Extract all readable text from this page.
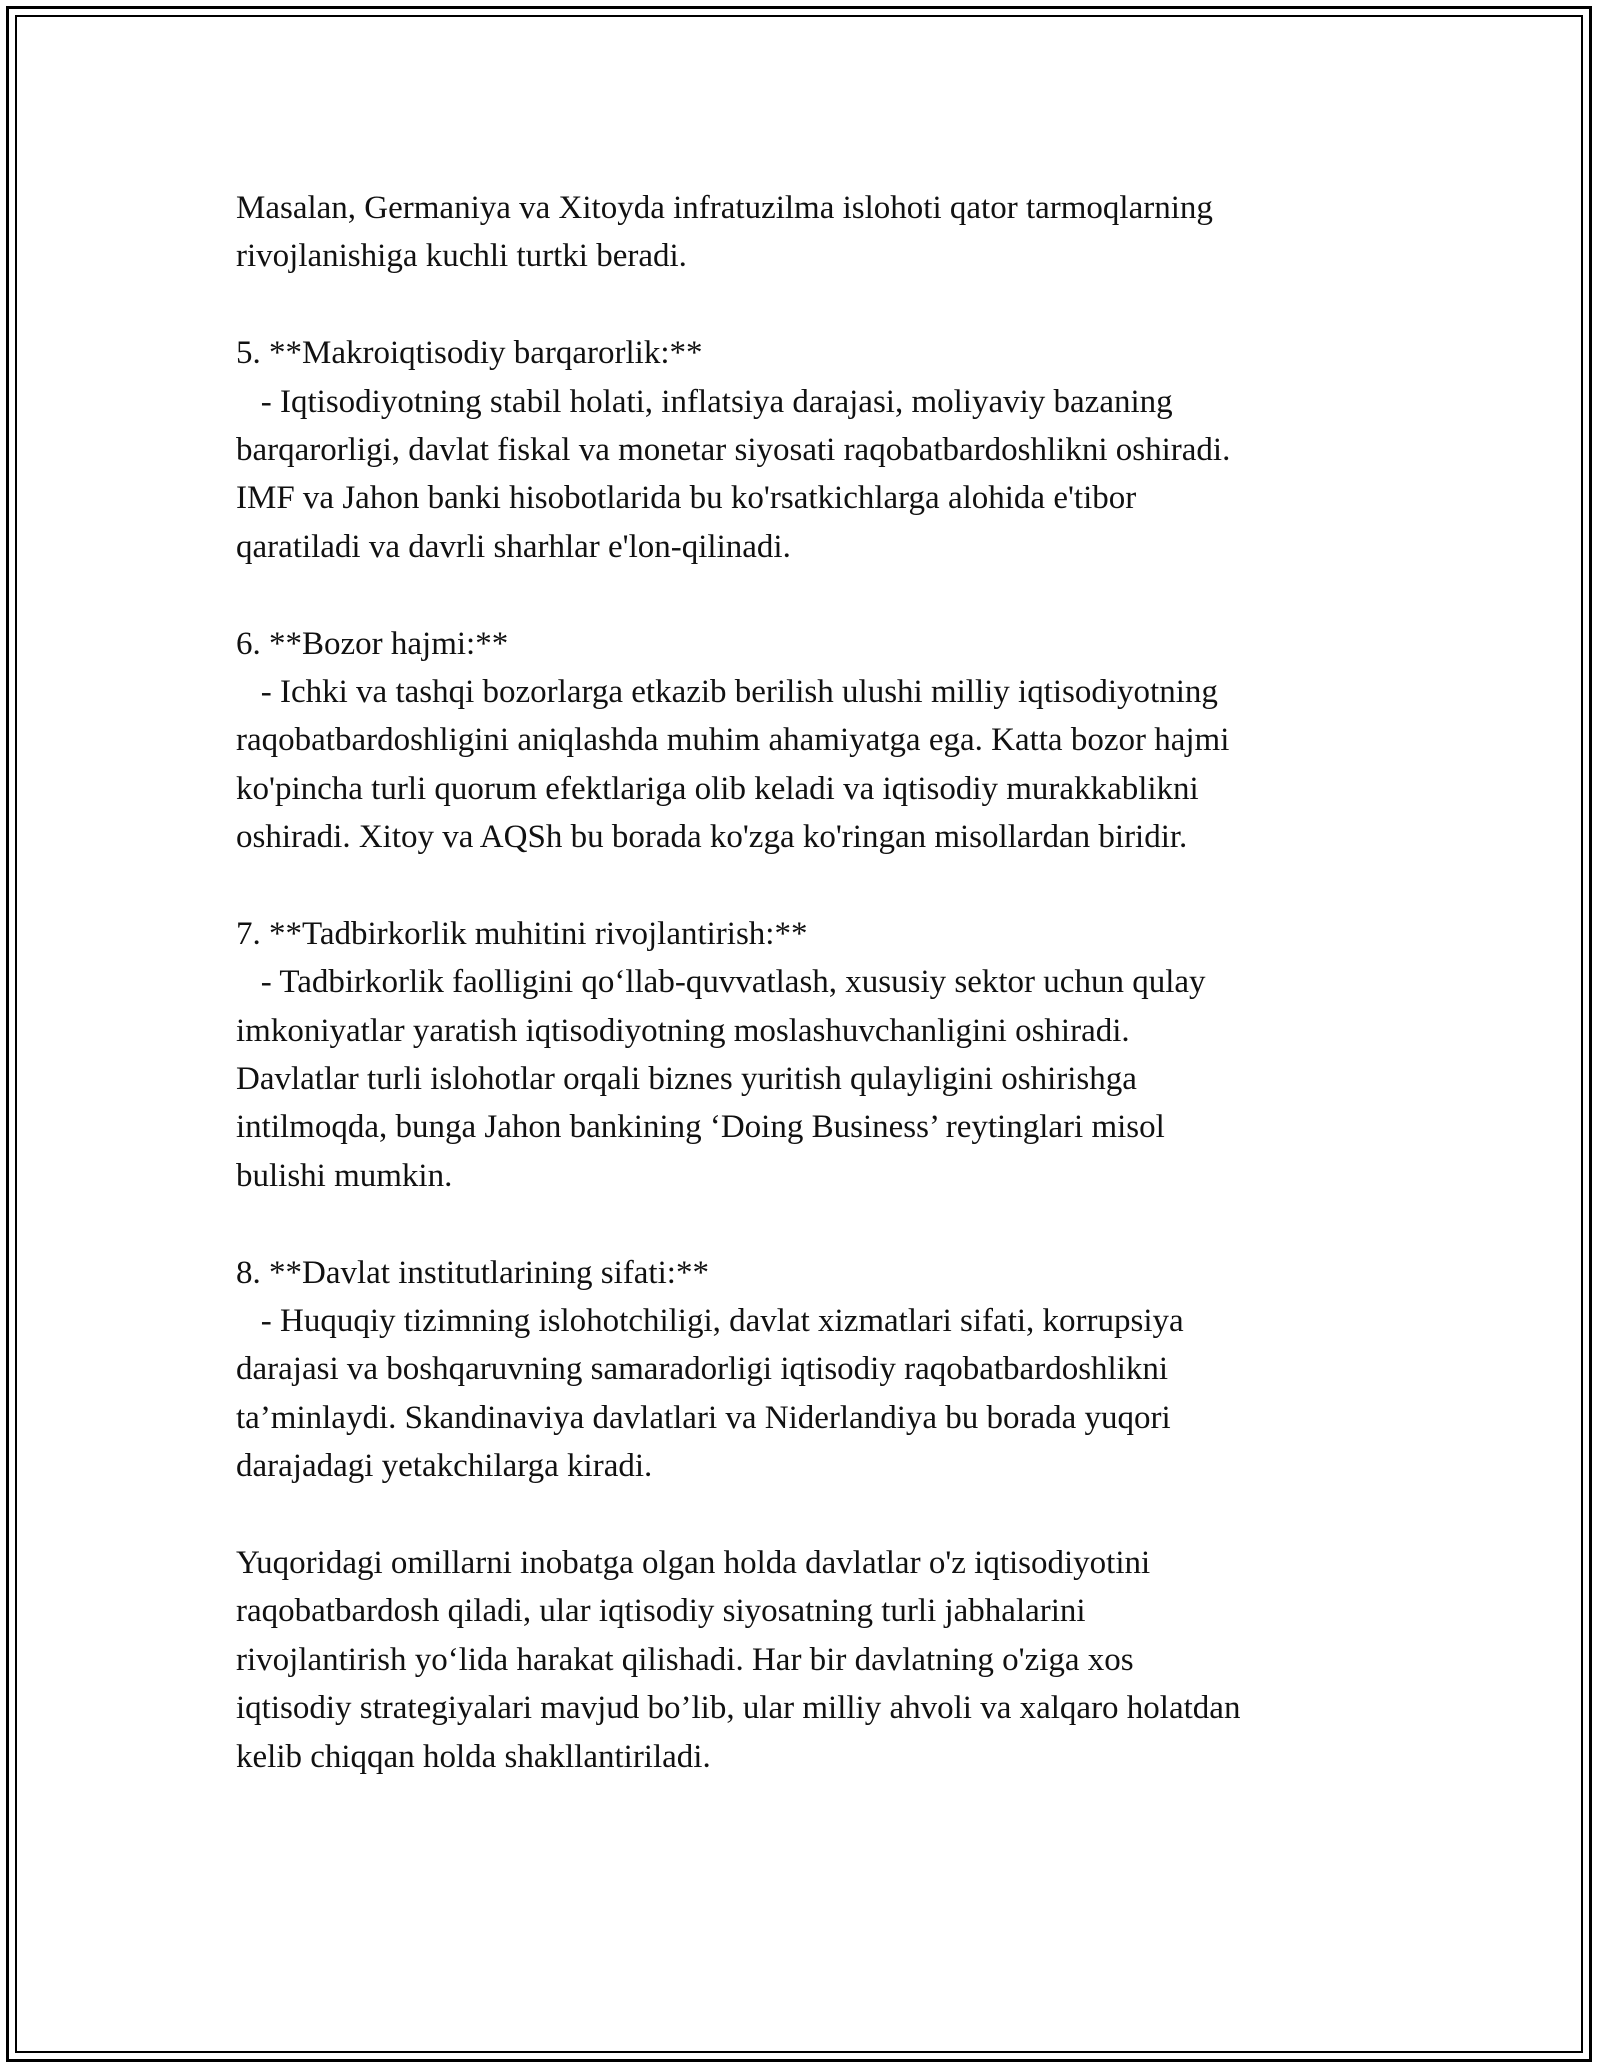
Masalan, Germaniya va Xitoyda infratuzilma islohoti qator tarmoqlarning
rivojlanishiga kuchli turtki beradi.
5. **Makroiqtisodiy barqarorlik:**
- Iqtisodiyotning stabil holati, inflatsiya darajasi, moliyaviy bazaning
barqarorligi, davlat fiskal va monetar siyosati raqobatbardoshlikni oshiradi.
IMF va Jahon banki hisobotlarida bu ko'rsatkichlarga alohida e'tibor
qaratiladi va davrli sharhlar e'lon-qilinadi.
6. **Bozor hajmi:**
- Ichki va tashqi bozorlarga etkazib berilish ulushi milliy iqtisodiyotning
raqobatbardoshligini aniqlashda muhim ahamiyatga ega. Katta bozor hajmi
ko'pincha turli quorum efektlariga olib keladi va iqtisodiy murakkablikni
oshiradi. Xitoy va AQSh bu borada ko'zga ko'ringan misollardan biridir.
7. **Tadbirkorlik muhitini rivojlantirish:**
- Tadbirkorlik faolligini qo‘llab-quvvatlash, xususiy sektor uchun qulay
imkoniyatlar yaratish iqtisodiyotning moslashuvchanligini oshiradi.
Davlatlar turli islohotlar orqali biznes yuritish qulayligini oshirishga
intilmoqda, bunga Jahon bankining ‘Doing Business’ reytinglari misol
bulishi mumkin.
8. **Davlat institutlarining sifati:**
- Huquqiy tizimning islohotchiligi, davlat xizmatlari sifati, korrupsiya
darajasi va boshqaruvning samaradorligi iqtisodiy raqobatbardoshlikni
ta’minlaydi. Skandinaviya davlatlari va Niderlandiya bu borada yuqori
darajadagi yetakchilarga kiradi.
Yuqoridagi omillarni inobatga olgan holda davlatlar o'z iqtisodiyotini
raqobatbardosh qiladi, ular iqtisodiy siyosatning turli jabhalarini
rivojlantirish yo‘lida harakat qilishadi. Har bir davlatning o'ziga xos
iqtisodiy strategiyalari mavjud bo’lib, ular milliy ahvoli va xalqaro holatdan
kelib chiqqan holda shakllantiriladi.
